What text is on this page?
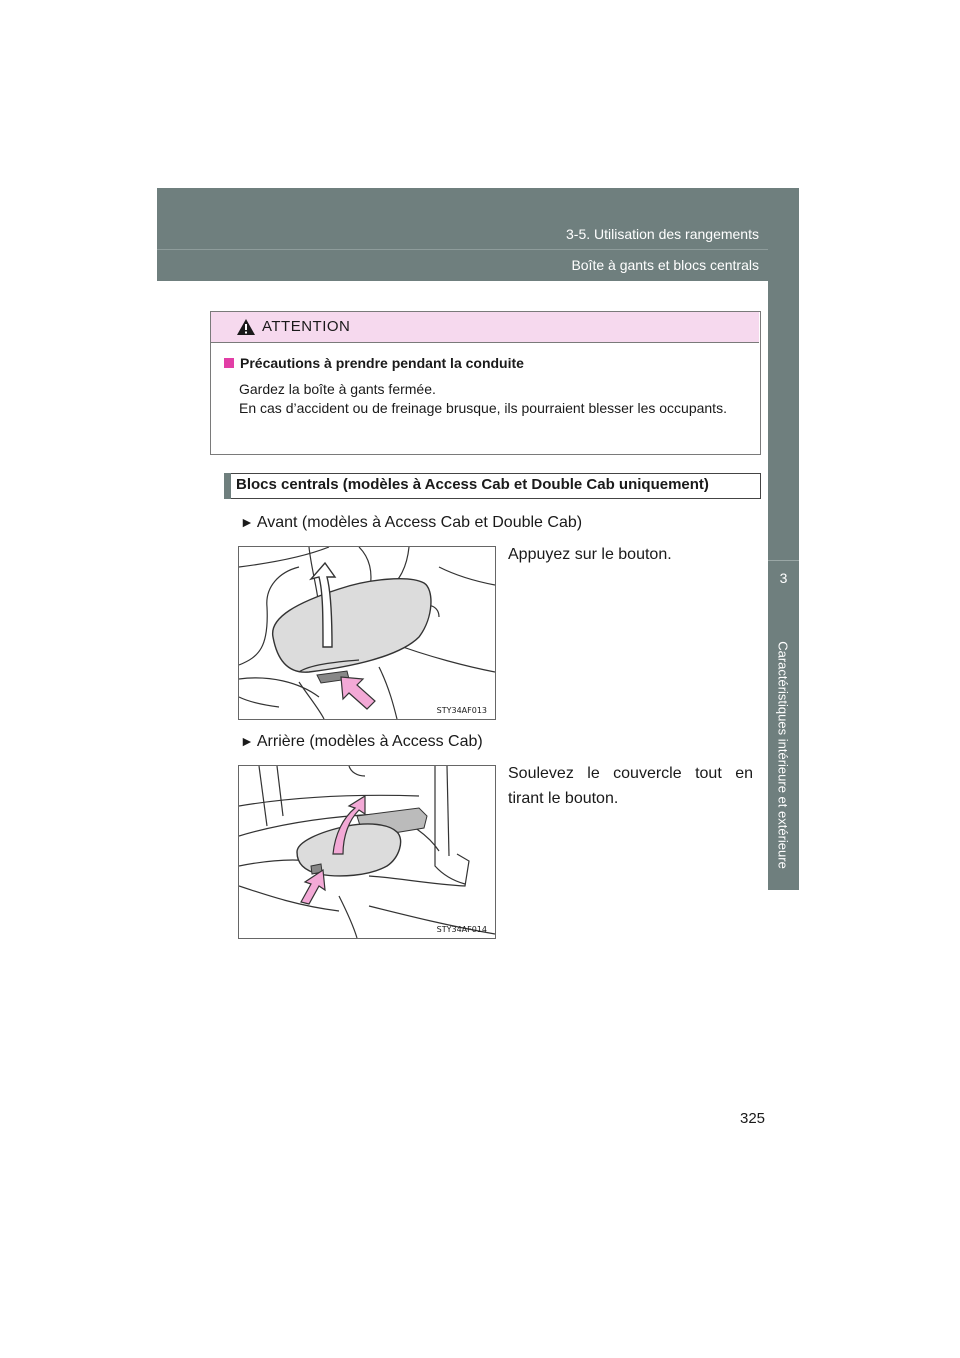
3-5. Utilisation des rangements
Boîte à gants et blocs centrals
3
Caractéristiques intérieure et extérieure
ATTENTION
Précautions à prendre pendant la conduite

Gardez la boîte à gants fermée.

En cas d’accident ou de freinage brusque, ils pourraient blesser les occupants.

Blocs centrals (modèles à Access Cab et Double Cab uniquement)
► Avant (modèles à Access Cab et Double Cab)
STY34AF013
Appuyez sur le bouton.
► Arrière (modèles à Access Cab)
STY34AF014
Soulevez le couvercle tout en tirant le bouton.
325
